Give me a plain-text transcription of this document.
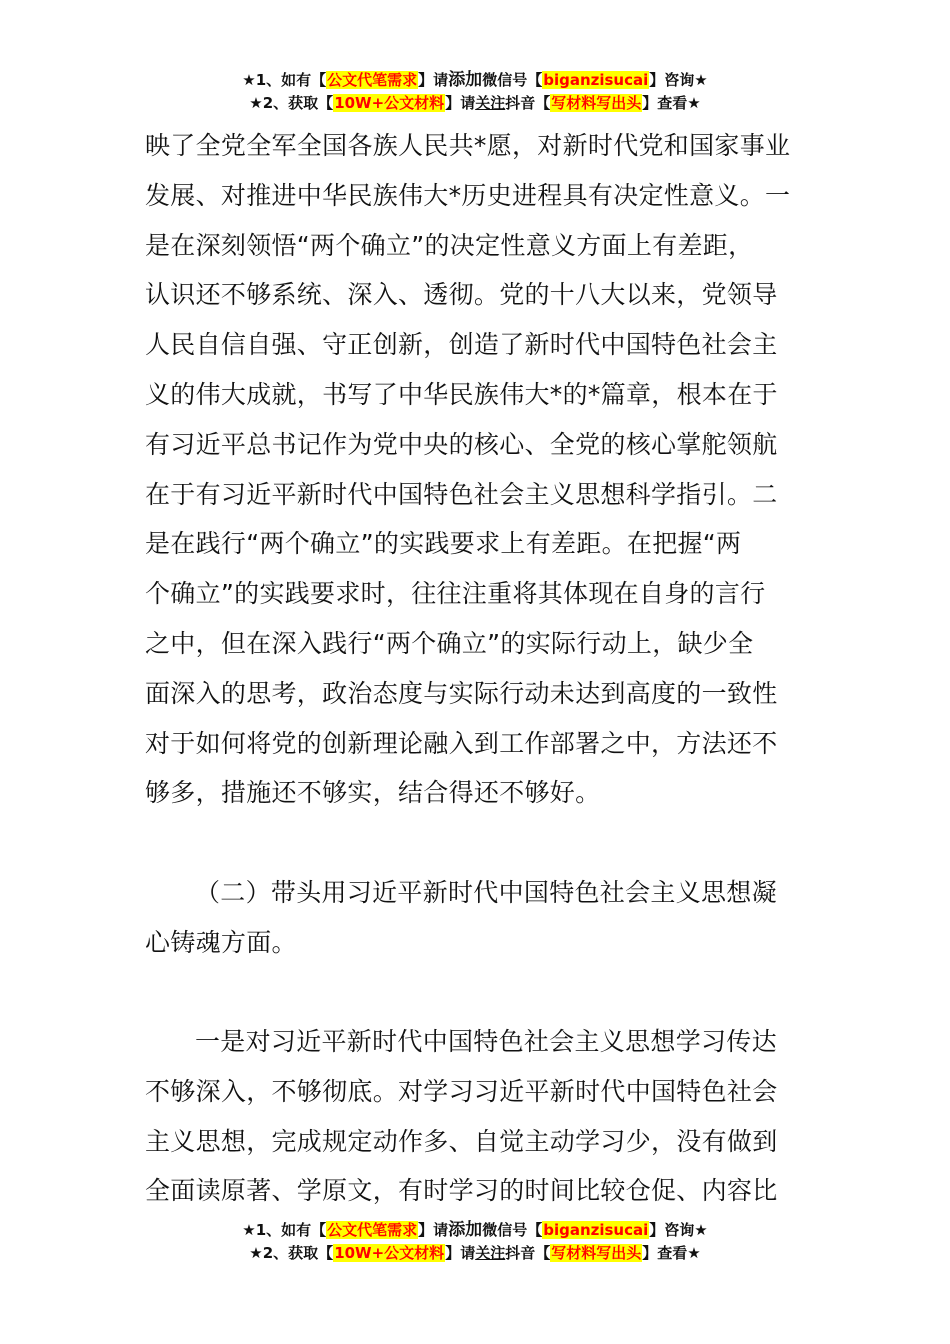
★1、如有【公文代笔需求】请添加微信号【biganzisucai】咨询★
★2、获取【10W+公文材料】请关注抖音【写材料写出头】查看★
映了全党全军全国各族人民共*愿，对新时代党和国家事业
发展、对推进中华民族伟大*历史进程具有决定性意义。一
是在深刻领悟“两个确立”的决定性意义方面上有差距，
认识还不够系统、深入、透彻。党的十八大以来，党领导
人民自信自强、守正创新，创造了新时代中国特色社会主
义的伟大成就，书写了中华民族伟大*的*篇章，根本在于
有习近平总书记作为党中央的核心、全党的核心掌舵领航
在于有习近平新时代中国特色社会主义思想科学指引。二
是在践行“两个确立”的实践要求上有差距。在把握“两
个确立”的实践要求时，往往注重将其体现在自身的言行
之中，但在深入践行“两个确立”的实际行动上，缺少全
面深入的思考，政治态度与实际行动未达到高度的一致性
对于如何将党的创新理论融入到工作部署之中，方法还不
够多，措施还不够实，结合得还不够好。
（二）带头用习近平新时代中国特色社会主义思想凝
心铸魂方面。
一是对习近平新时代中国特色社会主义思想学习传达
不够深入，不够彻底。对学习习近平新时代中国特色社会
主义思想，完成规定动作多、自觉主动学习少，没有做到
全面读原著、学原文，有时学习的时间比较仓促、内容比
★1、如有【公文代笔需求】请添加微信号【biganzisucai】咨询★
★2、获取【10W+公文材料】请关注抖音【写材料写出头】查看★
